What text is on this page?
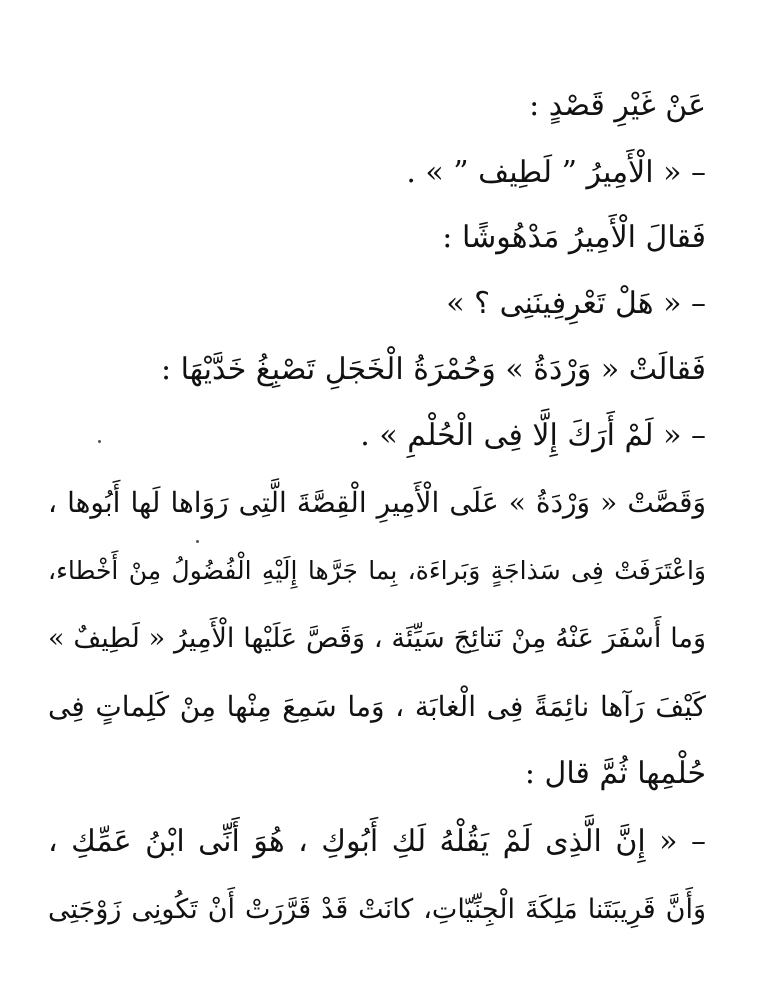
عَنْ غَيْرِ قَصْدٍ :
– « الْأَمِيرُ ” لَطِيف ” » .
فَقالَ الْأَمِيرُ مَدْهُوشًا :
– « هَلْ تَعْرِفِينَنِى ؟ »
فَقالَتْ « وَرْدَةُ » وَحُمْرَةُ الْخَجَلِ تَصْبِغُ خَدَّيْهَا :
– « لَمْ أَرَكَ إِلَّا فِى الْحُلْمِ » .
وَقَصَّتْ « وَرْدَةُ » عَلَى الْأَمِيرِ الْقِصَّةَ الَّتِى رَوَاها لَها أَبُوها ،
وَاعْتَرَفَتْ فِى سَذاجَةٍ وَبَراءَة، بِما جَرَّها إِلَيْهِ الْفُضُولُ مِنْ أَخْطاء،
وَما أَسْفَرَ عَنْهُ مِنْ نَتائِجَ سَيِّئَة ، وَقَصَّ عَلَيْها الْأَمِيرُ « لَطِيفٌ »
كَيْفَ رَآها نائِمَةً فِى الْغابَة ، وَما سَمِعَ مِنْها مِنْ كَلِماتٍ فِى
حُلْمِها ثُمَّ قال :
– « إِنَّ الَّذِى لَمْ يَقُلْهُ لَكِ أَبُوكِ ، هُوَ أَنِّى ابْنُ عَمِّكِ ،
وَأَنَّ قَرِيبَتَنا مَلِكَةَ الْجِنِّيّاتِ، كانَتْ قَدْ قَرَّرَتْ أَنْ تَكُونِى زَوْجَتِى
